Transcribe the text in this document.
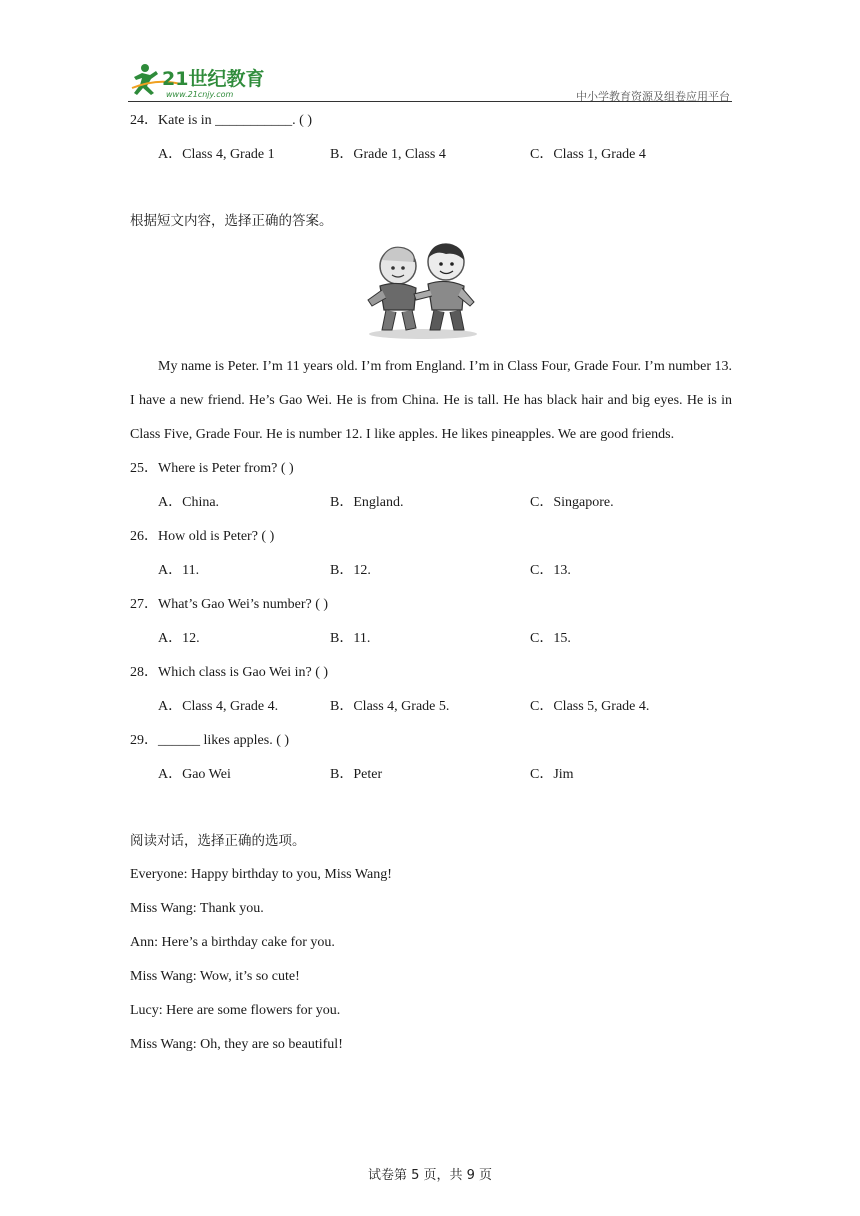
21世纪教育
www.21cnjy.com	中小学教育资源及组卷应用平台
24．Kate is in ___________. ( )
A．Class 4, Grade 1	B．Grade 1, Class 4	C．Class 1, Grade 4
根据短文内容，选择正确的答案。

My name is Peter. I’m 11 years old. I’m from England. I’m in Class Four, Grade Four. I’m number 13. I have a new friend. He’s Gao Wei. He is from China. He is tall. He has black hair and big eyes. He is in Class Five, Grade Four. He is number 12. I like apples. He likes pineapples. We are good friends.

25．Where is Peter from? ( )
A．China.	B．England.	C．Singapore.
26．How old is Peter? ( )
A．11.	B．12.	C．13.
27．What’s Gao Wei’s number? ( )
A．12.	B．11.	C．15.
28．Which class is Gao Wei in? ( )
A．Class 4, Grade 4.	B．Class 4, Grade 5.	C．Class 5, Grade 4.
29．______ likes apples. ( )
A．Gao Wei	B．Peter	C．Jim
阅读对话，选择正确的选项。
Everyone: Happy birthday to you, Miss Wang!
Miss Wang: Thank you.
Ann: Here’s a birthday cake for you.
Miss Wang: Wow, it’s so cute!
Lucy: Here are some flowers for you.
Miss Wang: Oh, they are so beautiful!
试卷第 5 页，共 9 页
